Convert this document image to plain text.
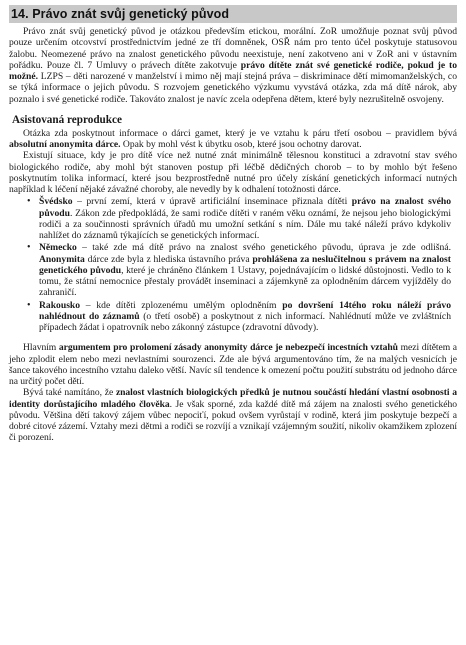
14. Právo znát svůj genetický původ

Právo znát svůj genetický původ je otázkou především etickou, morální. ZoR umožňuje poznat svůj původ pouze určením otcovství prostřednictvím jedné ze tří domněnek, OSŘ nám pro tento účel poskytuje statusovou žalobu. Neomezené právo na znalost genetického původu neexistuje, není zakotveno ani v ZoR ani v ústavním pořádku. Pouze čl. 7 Umluvy o právech dítěte zakotvuje právo dítěte znát své genetické rodiče, pokud je to možné. LZPS – děti narozené v manželství i mimo něj mají stejná práva – diskriminace dětí mimomanželských, co se týká informace o jejich původu. S rozvojem genetického výzkumu vyvstává otázka, zda má dítě nárok, aby poznalo i své genetické rodiče. Takováto znalost je navíc zcela odepřena dětem, které byly nezrušitelně osvojeny.

Asistovaná reprodukce

Otázka zda poskytnout informace o dárci gamet, který je ve vztahu k páru třetí osobou – pravidlem bývá absolutní anonymita dárce. Opak by mohl vést k úbytku osob, které jsou ochotny darovat.

Existují situace, kdy je pro dítě více než nutné znát minimálně tělesnou konstituci a zdravotní stav svého biologického rodiče, aby mohl být stanoven postup při léčbě dědičných chorob – to by mohlo být řešeno poskytnutím tolika informací, které jsou bezprostředně nutné pro účely získání genetických informací nutných například k léčení nějaké závažné choroby, ale nevedly by k odhalení totožnosti dárce.

• Švédsko – první zemí, která v úpravě artificiální inseminace přiznala dítěti právo na znalost svého původu. Zákon zde předpokládá, že sami rodiče dítěti v raném věku oznámí, že nejsou jeho biologickými rodiči a za součinnosti správních úřadů mu umožní setkání s ním. Dále mu také náleží právo kdykoliv nahlížet do záznamů týkajících se genetických informací.
• Německo – také zde má dítě právo na znalost svého genetického původu, úprava je zde odlišná. Anonymita dárce zde byla z hlediska ústavního práva prohlášena za neslučitelnou s právem na znalost genetického původu, které je chráněno článkem 1 Ustavy, pojednávajícím o lidské důstojnosti. Vedlo to k tomu, že státní nemocnice přestaly provádět inseminaci a zájemkyně za oplodněním dárcem vyjížděly do zahraničí.
• Rakousko – kde dítěti zplozenému umělým oplodněním po dovršení 14tého roku náleží právo nahlédnout do záznamů (o třetí osobě) a poskytnout z nich informací. Nahlédnutí může ve zvláštních případech žádat i opatrovník nebo zákonný zástupce (zdravotní důvody).

Hlavním argumentem pro prolomení zásady anonymity dárce je nebezpečí incestních vztahů mezi dítětem a jeho zplodit elem nebo mezi nevlastními sourozenci. Zde ale bývá argumentováno tím, že na malých vesnicích je šance takového incestního vztahu daleko větší. Navíc síl tendence k omezení počtu použití substrátu od jednoho dárce na určitý počet dětí.

Bývá také namítáno, že znalost vlastních biologických předků je nutnou součástí hledání vlastní osobnosti a identity dorůstajícího mladého člověka. Je však sporné, zda každé dítě má zájem na znalosti svého genetického původu. Většina dětí takový zájem vůbec nepociťí, pokud ovšem vyrůstají v rodině, která jim poskytuje bezpečí a dobré citové zázemí. Vztahy mezi dětmi a rodiči se rozvíjí a vznikají vzájemným soužití, nikoliv okamžikem zplození či porození.
